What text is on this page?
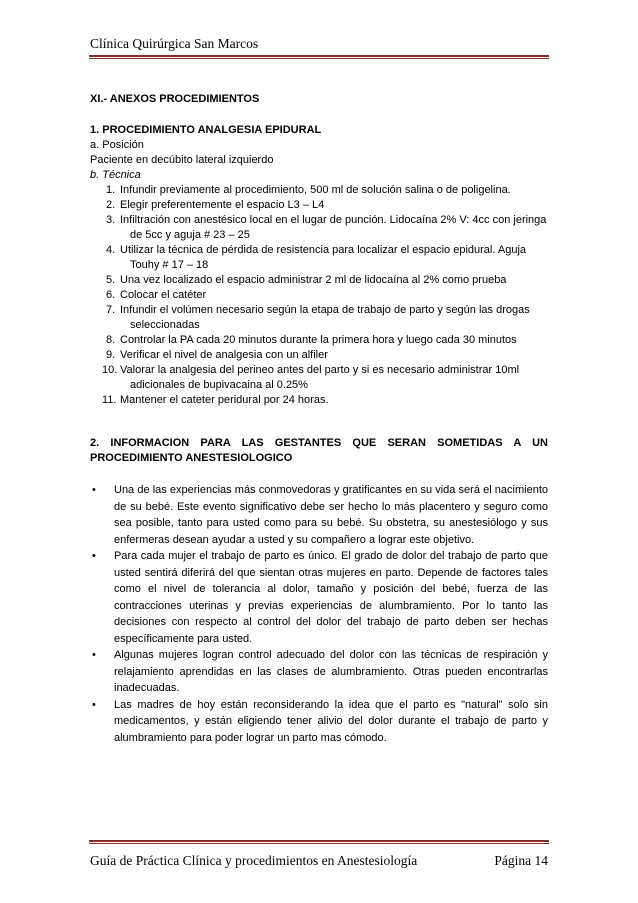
Clínica Quirúrgica San Marcos

XI.- ANEXOS PROCEDIMIENTOS

1. PROCEDIMIENTO ANALGESIA EPIDURAL

a. Posición

Paciente en decúbito lateral izquierdo

b. Técnica

1. Infundir previamente al procedimiento, 500 ml de solución salina o de poligelina.
2. Elegir preferentemente el espacio L3 – L4
3. Infiltración con anestésico local en el lugar de punción. Lidocaína 2% V: 4cc con jeringa
de 5cc y aguja # 23 – 25
4. Utilizar la técnica de pérdida de resistencia para localizar el espacio epidural. Aguja
Touhy # 17 – 18
5. Una vez localizado el espacio administrar 2 ml de lidocaína al 2% como prueba
6. Colocar el catéter
7. Infundir el volúmen necesario según la etapa de trabajo de parto y según las drogas
seleccionadas
8. Controlar la PA cada 20 minutos durante la primera hora y luego cada 30 minutos
9. Verificar el nivel de analgesia con un alfiler
10. Valorar la analgesia del perineo antes del parto y si es necesario administrar 10ml
adicionales de bupivacaina al 0.25%
11. Mantener el cateter peridural por 24 horas.

2. INFORMACION PARA LAS GESTANTES QUE SERAN SOMETIDAS A UN

PROCEDIMIENTO ANESTESIOLOGICO

• Una de las experiencias más conmovedoras y gratificantes en su vida será el nacimiento de su bebé. Este evento significativo debe ser hecho lo más placentero y seguro como sea posible, tanto para usted como para su bebé. Su obstetra, su anestesiólogo y sus enfermeras desean ayudar a usted y su compañero a lograr este objetivo.
• Para cada mujer el trabajo de parto es único. El grado de dolor del trabajo de parto que usted sentirá diferirá del que sientan otras mujeres en parto. Depende de factores tales como el nivel de tolerancia al dolor, tamaño y posición del bebé, fuerza de las contracciones uterinas y previas experiencias de alumbramiento. Por lo tanto las decisiones con respecto al control del dolor del trabajo de parto deben ser hechas específicamente para usted.
• Algunas mujeres logran control adecuado del dolor con las técnicas de respiración y relajamiento aprendidas en las clases de alumbramiento. Otras pueden encontrarlas inadecuadas.
• Las madres de hoy están reconsiderando la idea que el parto es "natural" solo sin medicamentos, y están eligiendo tener alivio del dolor durante el trabajo de parto y alumbramiento para poder lograr un parto mas cómodo.
Guía de Práctica Clínica y procedimientos en Anestesiología	Página 14
